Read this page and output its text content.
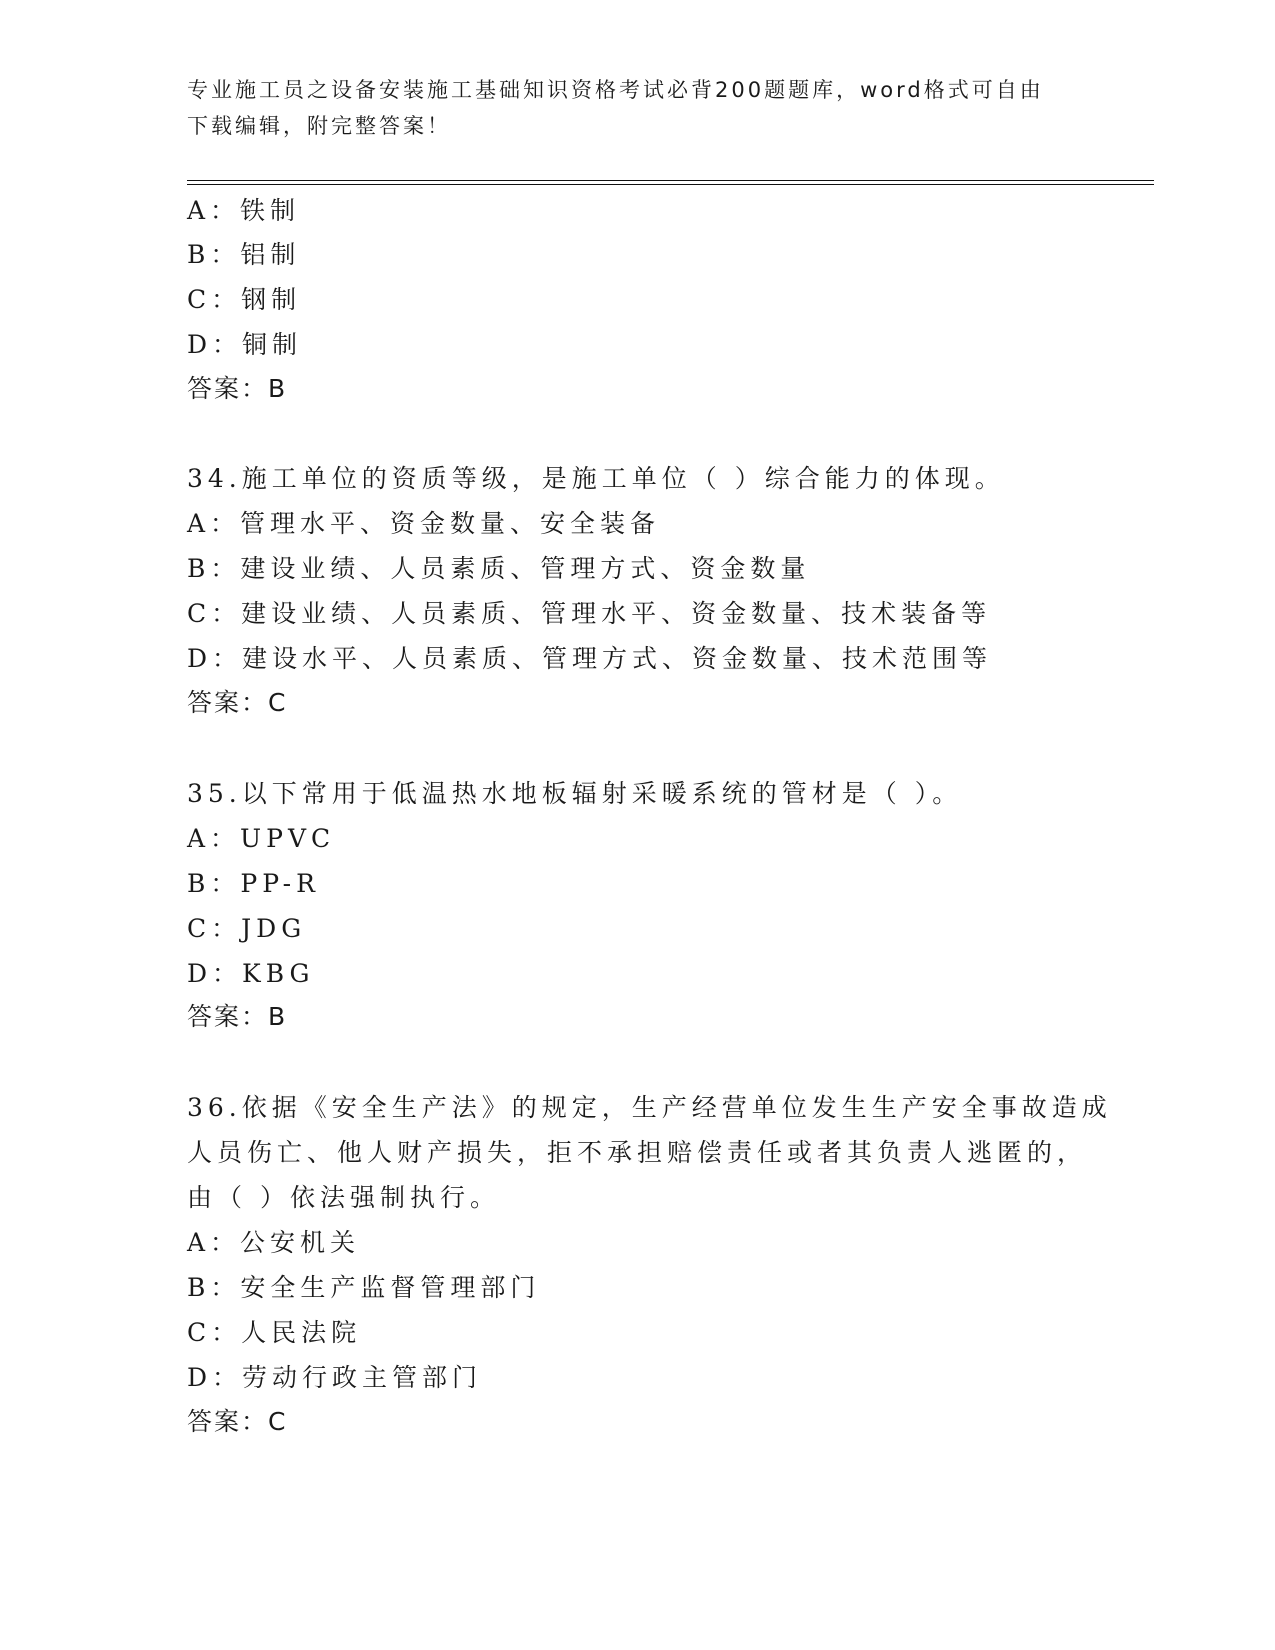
专业施工员之设备安装施工基础知识资格考试必背200题题库，word格式可自由
下载编辑，附完整答案！
A：铁制
B：铝制
C：钢制
D：铜制
答案：B
34.施工单位的资质等级，是施工单位（ ）综合能力的体现。
A：管理水平、资金数量、安全装备
B：建设业绩、人员素质、管理方式、资金数量
C：建设业绩、人员素质、管理水平、资金数量、技术装备等
D：建设水平、人员素质、管理方式、资金数量、技术范围等
答案：C
35.以下常用于低温热水地板辐射采暖系统的管材是（ ）。
A：UPVC
B：PP-R
C：JDG
D：KBG
答案：B
36.依据《安全生产法》的规定，生产经营单位发生生产安全事故造成
人员伤亡、他人财产损失，拒不承担赔偿责任或者其负责人逃匿的，
由（ ）依法强制执行。
A：公安机关
B：安全生产监督管理部门
C：人民法院
D：劳动行政主管部门
答案：C
